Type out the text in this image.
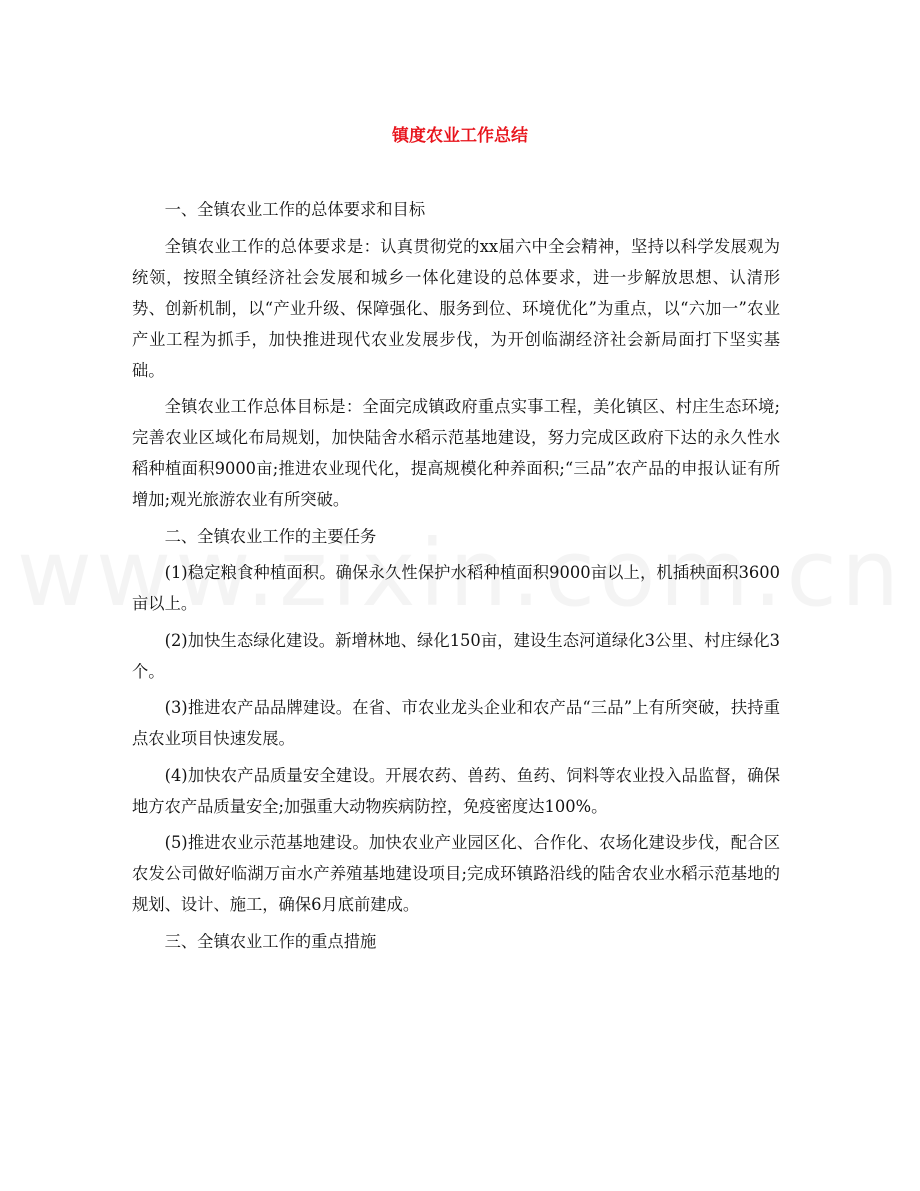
镇度农业工作总结

一、全镇农业工作的总体要求和目标

全镇农业工作的总体要求是：认真贯彻党的xx届六中全会精神，坚持以科学发展观为统领，按照全镇经济社会发展和城乡一体化建设的总体要求，进一步解放思想、认清形势、创新机制，以“产业升级、保障强化、服务到位、环境优化”为重点，以“六加一”农业产业工程为抓手，加快推进现代农业发展步伐，为开创临湖经济社会新局面打下坚实基础。

全镇农业工作总体目标是：全面完成镇政府重点实事工程，美化镇区、村庄生态环境;完善农业区域化布局规划，加快陆舍水稻示范基地建设，努力完成区政府下达的永久性水稻种植面积9000亩;推进农业现代化，提高规模化种养面积;“三品”农产品的申报认证有所增加;观光旅游农业有所突破。

二、全镇农业工作的主要任务

(1)稳定粮食种植面积。确保永久性保护水稻种植面积9000亩以上，机插秧面积3600亩以上。

(2)加快生态绿化建设。新增林地、绿化150亩，建设生态河道绿化3公里、村庄绿化3个。

(3)推进农产品品牌建设。在省、市农业龙头企业和农产品“三品”上有所突破，扶持重点农业项目快速发展。

(4)加快农产品质量安全建设。开展农药、兽药、鱼药、饲料等农业投入品监督，确保地方农产品质量安全;加强重大动物疾病防控，免疫密度达100%。

(5)推进农业示范基地建设。加快农业产业园区化、合作化、农场化建设步伐，配合区农发公司做好临湖万亩水产养殖基地建设项目;完成环镇路沿线的陆舍农业水稻示范基地的规划、设计、施工，确保6月底前建成。

三、全镇农业工作的重点措施
